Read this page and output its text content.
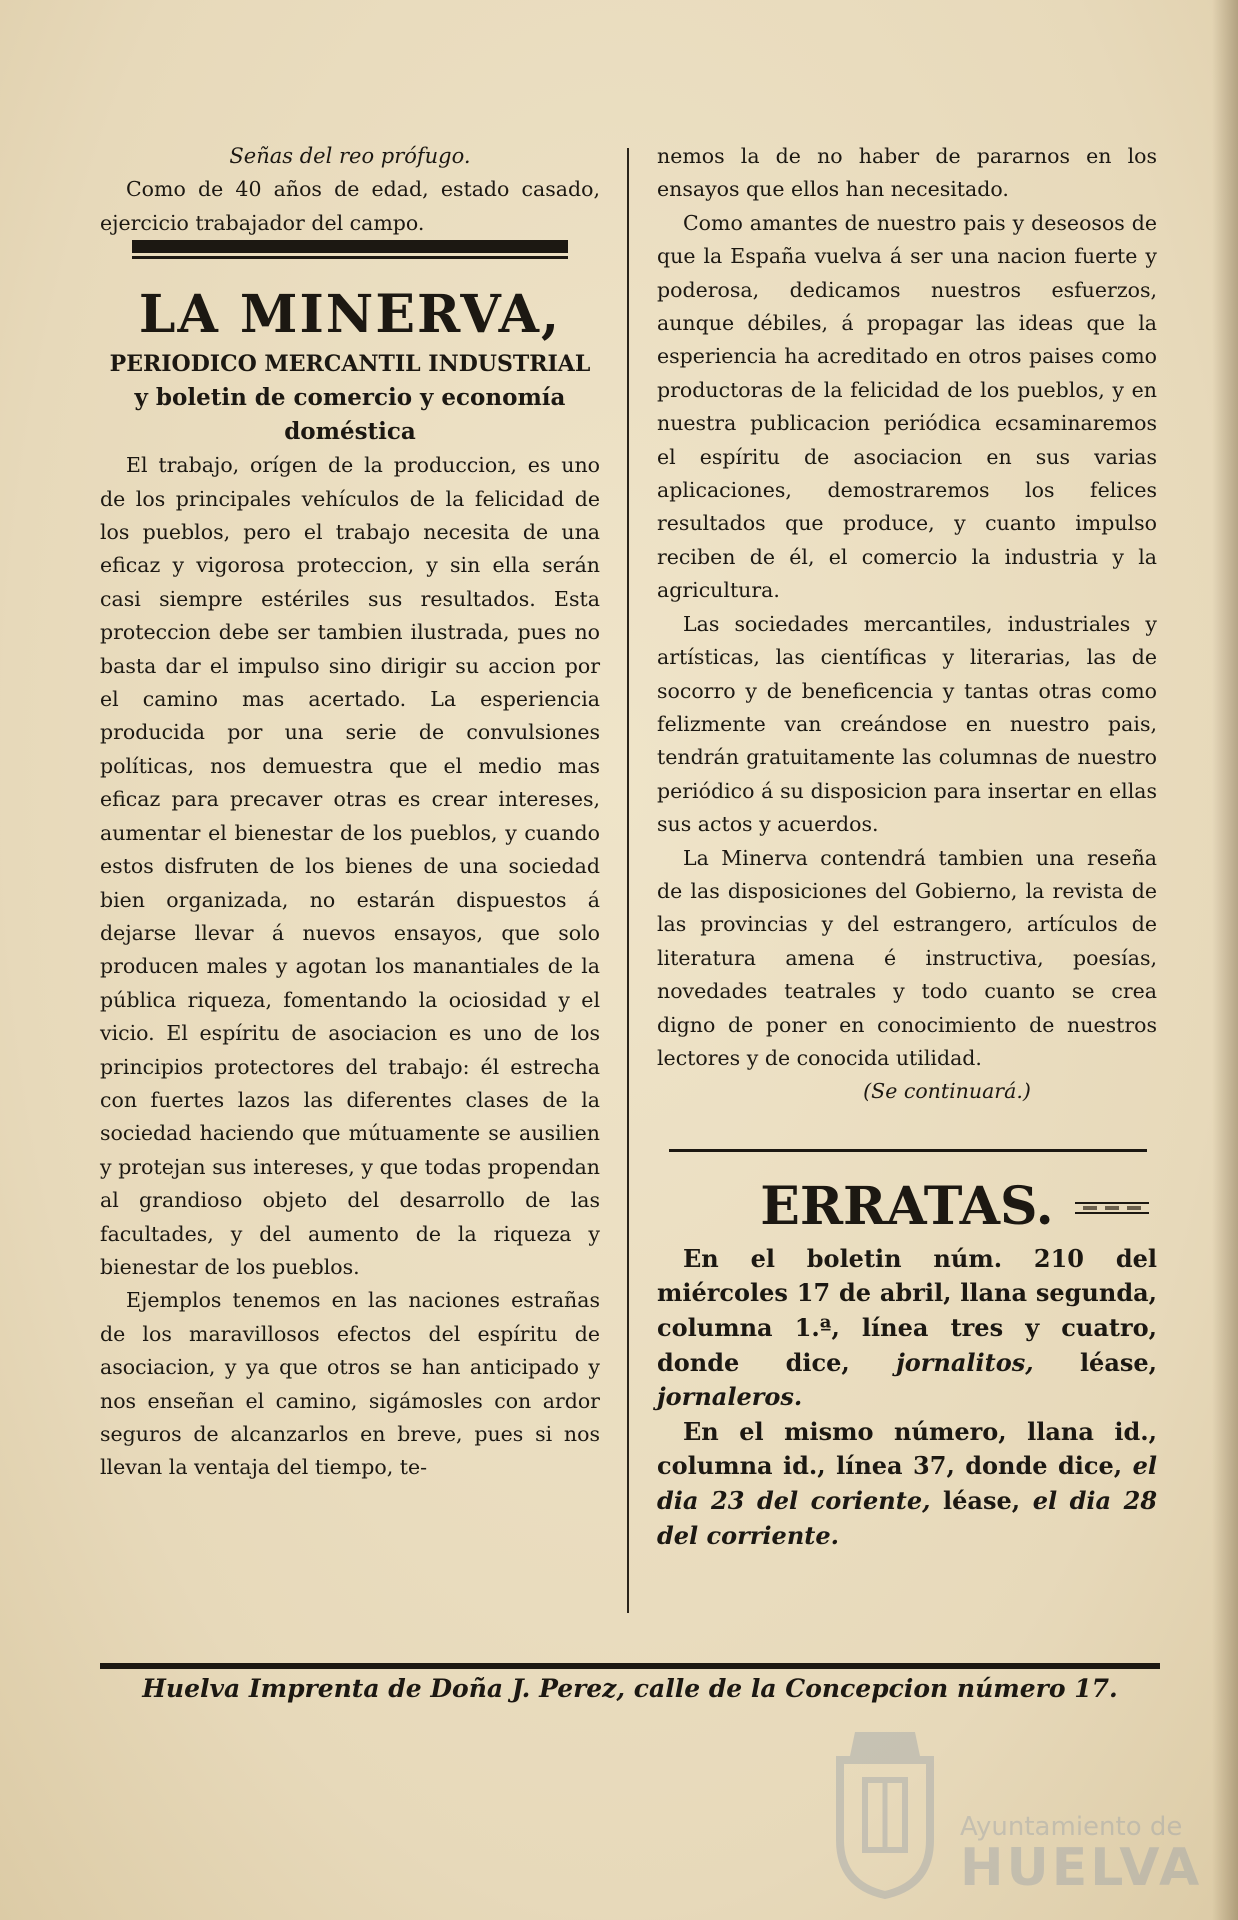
Señas del reo prófugo.

Como de 40 años de edad, estado casado, ejercicio trabajador del campo.

LA MINERVA,

PERIODICO MERCANTIL INDUSTRIAL

y boletin de comercio y economía doméstica

El trabajo, orígen de la produccion, es uno de los principales vehículos de la felicidad de los pueblos, pero el trabajo necesita de una eficaz y vigorosa proteccion, y sin ella serán casi siempre estériles sus resultados. Esta proteccion debe ser tambien ilustrada, pues no basta dar el impulso sino dirigir su accion por el camino mas acertado. La esperiencia producida por una serie de convulsiones políticas, nos demuestra que el medio mas eficaz para precaver otras es crear intereses, aumentar el bienestar de los pueblos, y cuando estos disfruten de los bienes de una sociedad bien organizada, no estarán dispuestos á dejarse llevar á nuevos ensayos, que solo producen males y agotan los manantiales de la pública riqueza, fomentando la ociosidad y el vicio. El espíritu de asociacion es uno de los principios protectores del trabajo: él estrecha con fuertes lazos las diferentes clases de la sociedad haciendo que mútuamente se ausilien y protejan sus intereses, y que todas propendan al grandioso objeto del desarrollo de las facultades, y del aumento de la riqueza y bienestar de los pueblos.

Ejemplos tenemos en las naciones estrañas de los maravillosos efectos del espíritu de asociacion, y ya que otros se han anticipado y nos enseñan el camino, sigámosles con ardor seguros de alcanzarlos en breve, pues si nos llevan la ventaja del tiempo, te-

nemos la de no haber de pararnos en los ensayos que ellos han necesitado.

Como amantes de nuestro pais y deseosos de que la España vuelva á ser una nacion fuerte y poderosa, dedicamos nuestros esfuerzos, aunque débiles, á propagar las ideas que la esperiencia ha acreditado en otros paises como productoras de la felicidad de los pueblos, y en nuestra publicacion periódica ecsaminaremos el espíritu de asociacion en sus varias aplicaciones, demostraremos los felices resultados que produce, y cuanto impulso reciben de él, el comercio la industria y la agricultura.

Las sociedades mercantiles, industriales y artísticas, las científicas y literarias, las de socorro y de beneficencia y tantas otras como felizmente van creándose en nuestro pais, tendrán gratuitamente las columnas de nuestro periódico á su disposicion para insertar en ellas sus actos y acuerdos.

La Minerva contendrá tambien una reseña de las disposiciones del Gobierno, la revista de las provincias y del estrangero, artículos de literatura amena é instructiva, poesías, novedades teatrales y todo cuanto se crea digno de poner en conocimiento de nuestros lectores y de conocida utilidad.

(Se continuará.)

ERRATAS.

En el boletin núm. 210 del miércoles 17 de abril, llana segunda, columna 1.ª, línea tres y cuatro, donde dice, jornalitos, léase, jornaleros.

En el mismo número, llana id., columna id., línea 37, donde dice, el dia 23 del coriente, léase, el dia 28 del corriente.

Huelva Imprenta de Doña J. Perez, calle de la Concepcion número 17.
Ayuntamiento de
HUELVA
